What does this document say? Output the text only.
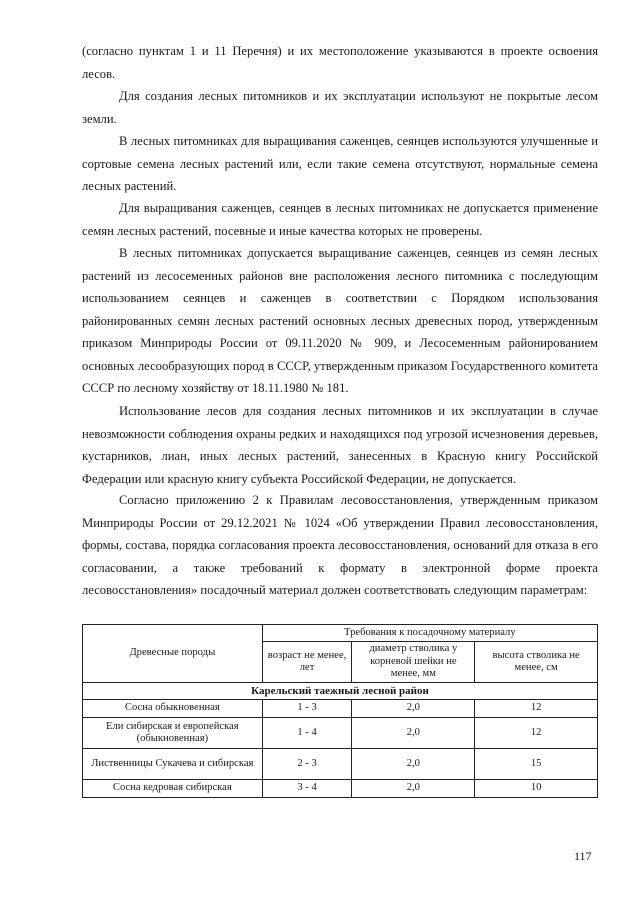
(согласно пунктам 1 и 11 Перечня) и их местоположение указываются в проекте освоения лесов.

Для создания лесных питомников и их эксплуатации используют не покрытые лесом земли.

В лесных питомниках для выращивания саженцев, сеянцев используются улучшенные и сортовые семена лесных растений или, если такие семена отсутствуют, нормальные семена лесных растений.

Для выращивания саженцев, сеянцев в лесных питомниках не допускается применение семян лесных растений, посевные и иные качества которых не проверены.

В лесных питомниках допускается выращивание саженцев, сеянцев из семян лесных растений из лесосеменных районов вне расположения лесного питомника с последующим использованием сеянцев и саженцев в соответствии с Порядком использования районированных семян лесных растений основных лесных древесных пород, утвержденным приказом Минприроды России от 09.11.2020 № 909, и Лесосеменным районированием основных лесообразующих пород в СССР, утвержденным приказом Государственного комитета СССР по лесному хозяйству от 18.11.1980 № 181.

Использование лесов для создания лесных питомников и их эксплуатации в случае невозможности соблюдения охраны редких и находящихся под угрозой исчезновения деревьев, кустарников, лиан, иных лесных растений, занесенных в Красную книгу Российской Федерации или красную книгу субъекта Российской Федерации, не допускается.

Согласно приложению 2 к Правилам лесовосстановления, утвержденным приказом Минприроды России от 29.12.2021 № 1024 «Об утверждении Правил лесовосстановления, формы, состава, порядка согласования проекта лесовосстановления, оснований для отказа в его согласовании, а также требований к формату в электронной форме проекта лесовосстановления» посадочный материал должен соответствовать следующим параметрам:

Древесные породы	Требования к посадочному материалу		
	возраст не менее, лет	диаметр стволика у корневой шейки не менее, мм	высота стволика не менее, см
Карельский таежный лесной район			
Сосна обыкновенная	1 - 3	2,0	12
Ели сибирская и европейская (обыкновенная)	1 - 4	2,0	12
Лиственницы Сукачева и сибирская	2 - 3	2,0	15
Сосна кедровая сибирская	3 - 4	2,0	10
117
